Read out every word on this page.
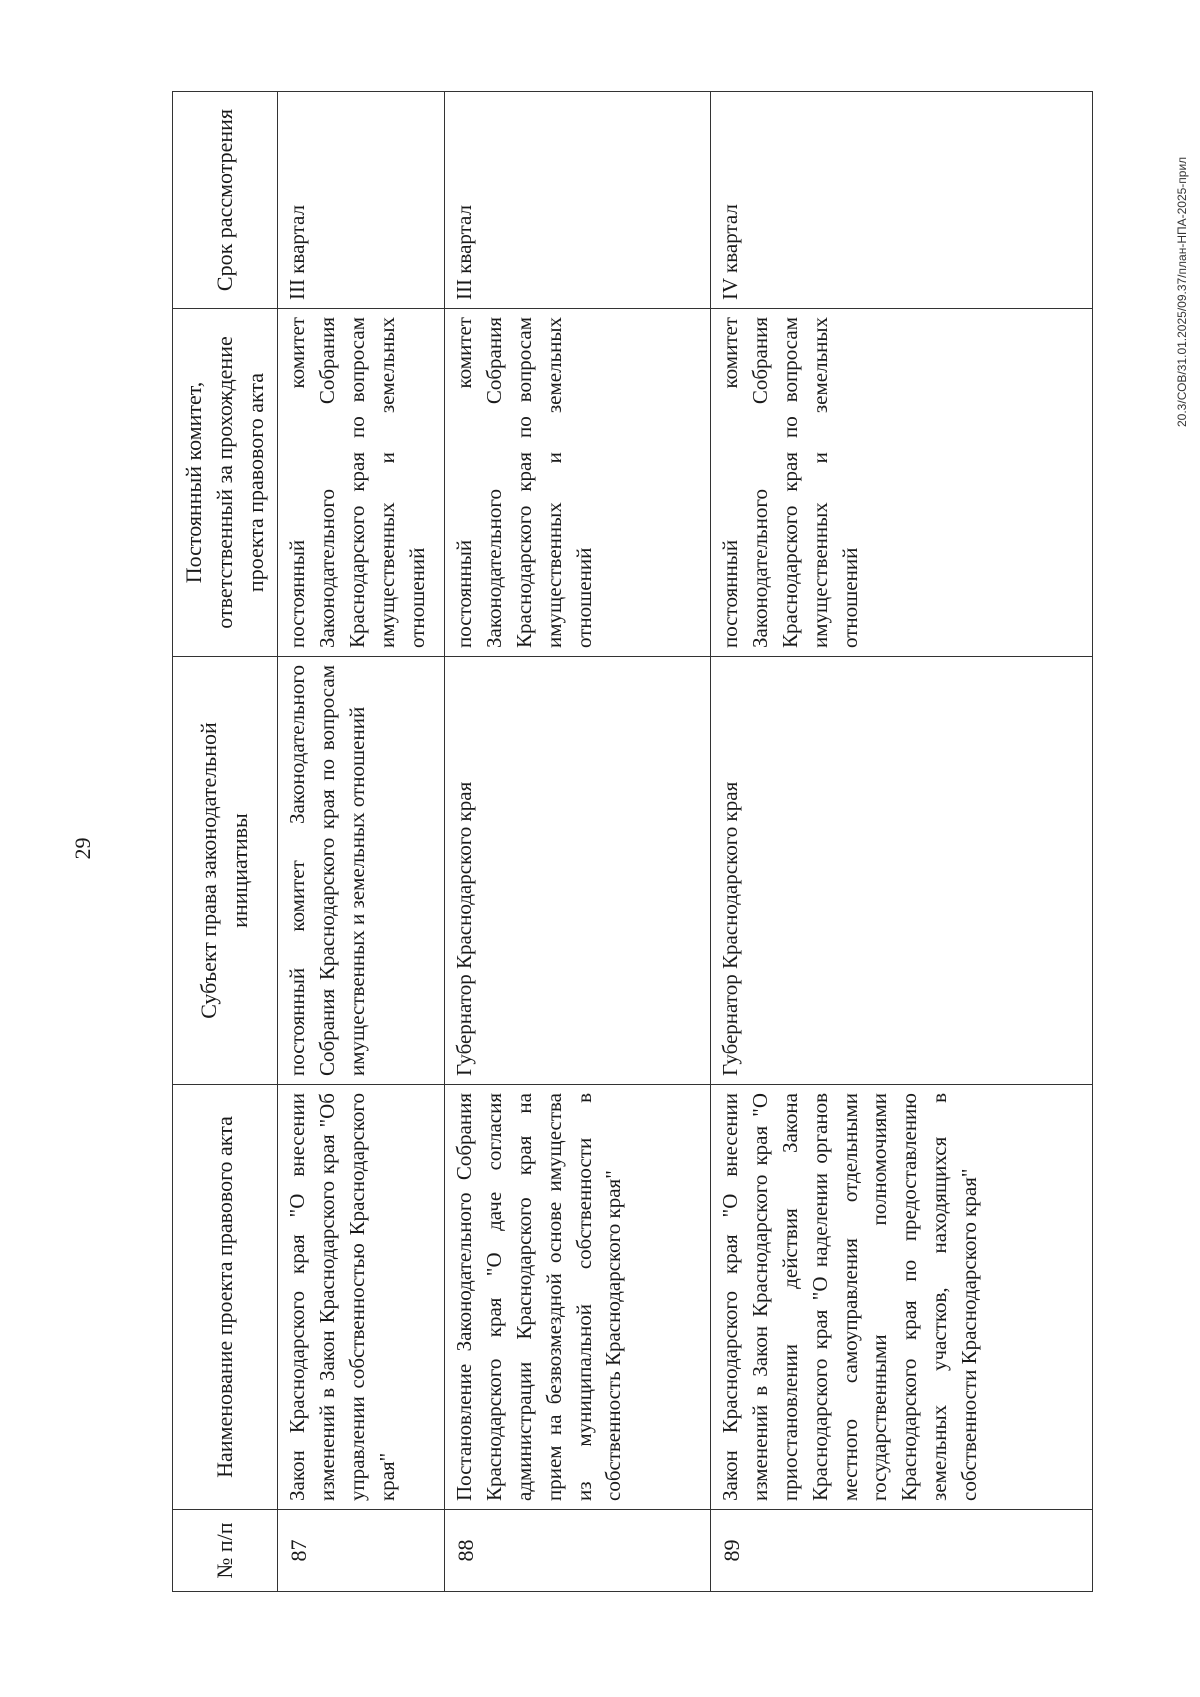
29
№ п/п	Наименование проекта правового акта	Субъект права законодательной инициативы	Постоянный комитет, ответственный за прохождение проекта правового акта	Срок рассмотрения
87	Закон Краснодарского края "О внесении изменений в Закон Краснодарского края "Об управлении собственностью Краснодарского края"	постоянный комитет Законодательного Собрания Краснодарского края по вопросам имущественных и земельных отношений	постоянный комитет Законодательного Собрания Краснодарского края по вопросам имущественных и земельных отношений	III квартал
88	Постановление Законодательного Собрания Краснодарского края "О даче согласия администрации Краснодарского края на прием на безвозмездной основе имущества из муниципальной собственности в собственность Краснодарского края"	Губернатор Краснодарского края	постоянный комитет Законодательного Собрания Краснодарского края по вопросам имущественных и земельных отношений	III квартал
89	Закон Краснодарского края "О внесении изменений в Закон Краснодарского края "О приостановлении действия Закона Краснодарского края "О наделении органов местного самоуправления отдельными государственными полномочиями Краснодарского края по предоставлению земельных участков, находящихся в собственности Краснодарского края"	Губернатор Краснодарского края	постоянный комитет Законодательного Собрания Краснодарского края по вопросам имущественных и земельных отношений	IV квартал	20.3/СОВ/31.01.2025/09.37/план-НПА-2025-прил
